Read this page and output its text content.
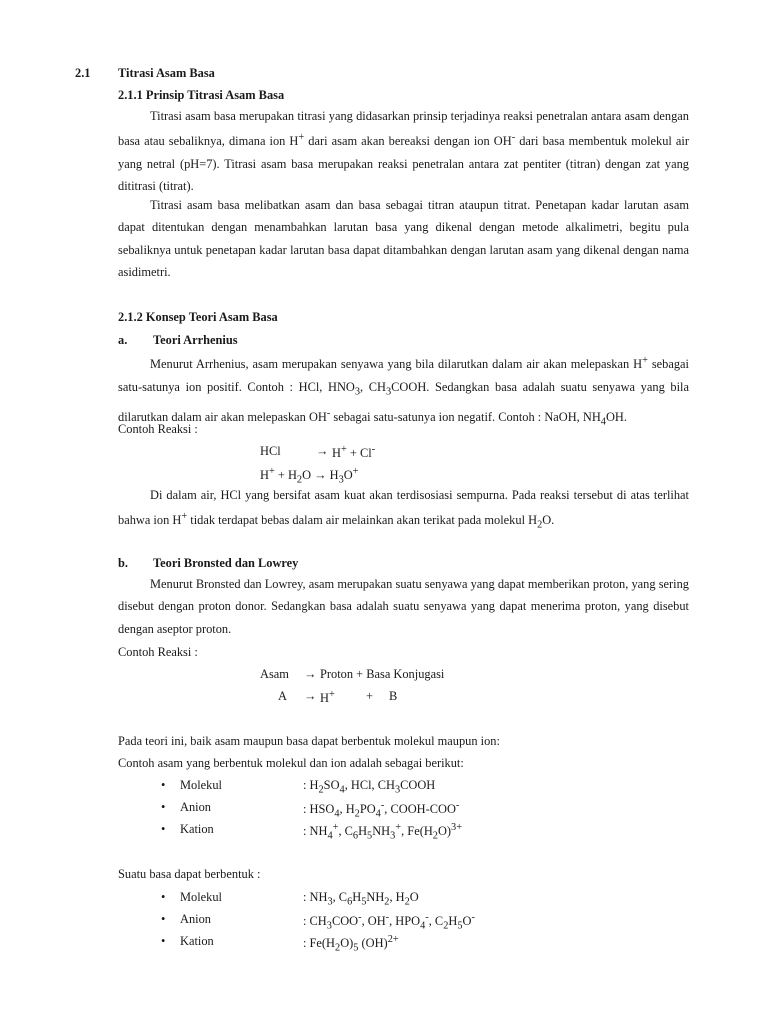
2.1 Titrasi Asam Basa
2.1.1 Prinsip Titrasi Asam Basa

Titrasi asam basa merupakan titrasi yang didasarkan prinsip terjadinya reaksi penetralan antara asam dengan basa atau sebaliknya, dimana ion H+ dari asam akan bereaksi dengan ion OH- dari basa membentuk molekul air yang netral (pH=7). Titrasi asam basa merupakan reaksi penetralan antara zat pentiter (titran) dengan zat yang dititrasi (titrat).

Titrasi asam basa melibatkan asam dan basa sebagai titran ataupun titrat. Penetapan kadar larutan asam dapat ditentukan dengan menambahkan larutan basa yang dikenal dengan metode alkalimetri, begitu pula sebaliknya untuk penetapan kadar larutan basa dapat ditambahkan dengan larutan asam yang dikenal dengan nama asidimetri.

2.1.2 Konsep Teori Asam Basa
a. Teori Arrhenius

Menurut Arrhenius, asam merupakan senyawa yang bila dilarutkan dalam air akan melepaskan H+ sebagai satu-satunya ion positif. Contoh : HCl, $HNO_3$, $CH_3COOH$. Sedangkan basa adalah suatu senyawa yang bila dilarutkan dalam air akan melepaskan OH- sebagai satu-satunya ion negatif. Contoh : NaOH, $NH_4OH$.

Contoh Reaksi :
HCl	→ H+ + Cl-
$H^+ + H_2O \to H_3O^+$

Di dalam air, HCl yang bersifat asam kuat akan terdisosiasi sempurna. Pada reaksi tersebut di atas terlihat bahwa ion H+ tidak terdapat bebas dalam air melainkan akan terikat pada molekul $H_2O$.

b. Teori Bronsted dan Lowrey

Menurut Bronsted dan Lowrey, asam merupakan suatu senyawa yang dapat memberikan proton, yang sering disebut dengan proton donor. Sedangkan basa adalah suatu senyawa yang dapat menerima proton, yang disebut dengan aseptor proton.

Contoh Reaksi :
Asam → Proton + Basa Konjugasi
A → H+	+ B
Pada teori ini, baik asam maupun basa dapat berbentuk molekul maupun ion:
Contoh asam yang berbentuk molekul dan ion adalah sebagai berikut:
• Molekul	: $H_2SO_4$, HCl, $CH_3COOH$
• Anion	: $HSO_4$, $H_2PO_4^-$, COOH-COO-
• Kation	: $NH_4^+$, $C_6H_5NH_3^+$, $Fe(H_2O)^{3+}$
Suatu basa dapat berbentuk :
• Molekul	: $NH_3$, $C_6H_5NH_2$, $H_2O$
• Anion	: $CH_3COO^-$, OH-, $HPO_4^-$, $C_2H_5O^-$
• Kation	: $Fe(H_2O)_5$ (OH)$^{2+}$
